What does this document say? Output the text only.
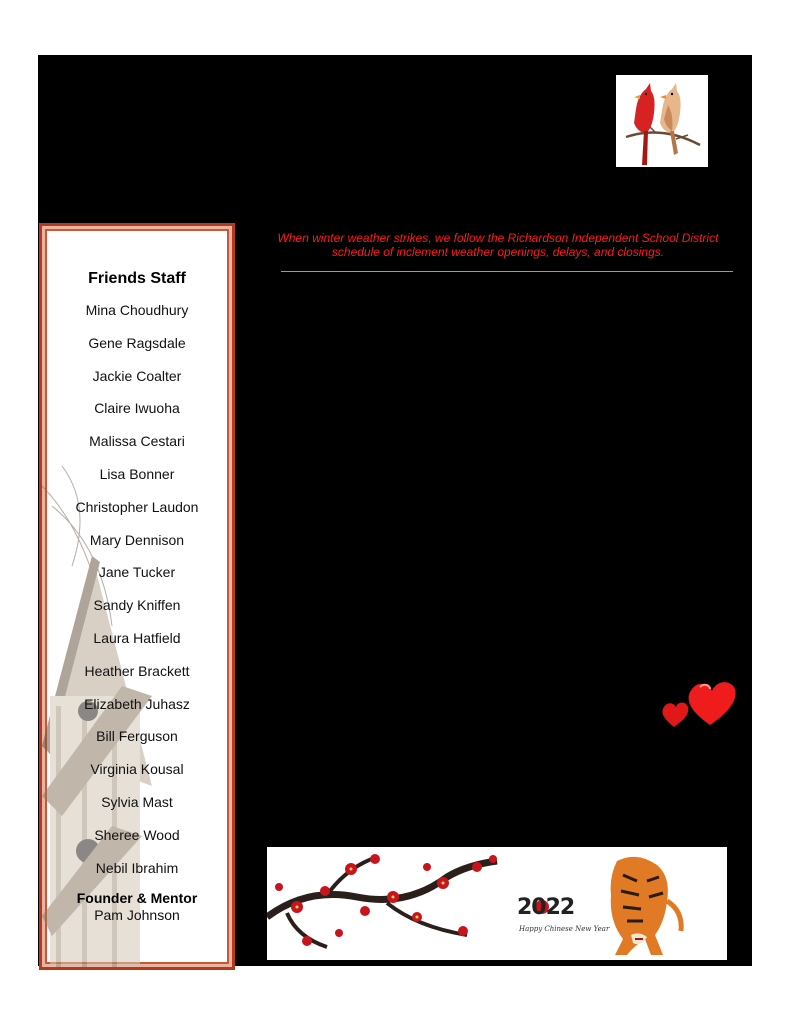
When winter weather strikes, we follow the Richardson Independent School District
schedule of inclement weather openings, delays, and closings.
Friends Staff
Mina Choudhury
Gene Ragsdale
Jackie Coalter
Claire Iwuoha
Malissa Cestari
Lisa Bonner
Christopher Laudon
Mary Dennison
Jane Tucker
Sandy Kniffen
Laura Hatfield
Heather Brackett
Elizabeth Juhasz
Bill Ferguson
Virginia Kousal
Sylvia Mast
Sheree Wood
Nebil Ibrahim
Founder & Mentor
Pam Johnson	2022
Happy Chinese New Year
